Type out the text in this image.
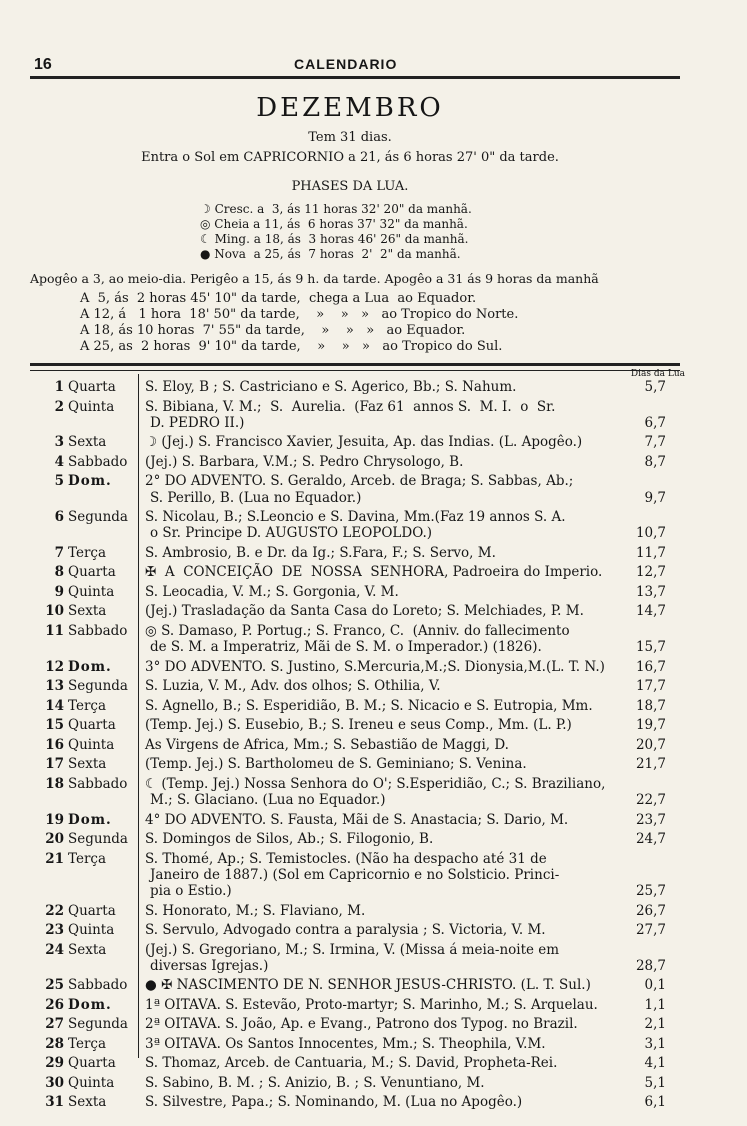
16	CALENDARIO
DEZEMBRO
Tem 31 dias.
Entra o Sol em CAPRICORNIO a 21, ás 6 horas 27' 0" da tarde.
PHASES DA LUA.
☽ Cresc. a  3, ás 11 horas 32' 20" da manhã.
◎ Cheia a 11, ás  6 horas 37' 32" da manhã.
☾ Ming. a 18, ás  3 horas 46' 26" da manhã.
● Nova  a 25, ás  7 horas  2'  2" da manhã.
Apogêo a 3, ao meio-dia. Perigêo a 15, ás 9 h. da tarde. Apogêo a 31 ás 9 horas da manhã
A  5, ás  2 horas 45' 10" da tarde,  chega a Lua  ao Equador.
A 12, á   1 hora  18' 50" da tarde,    »    »   »   ao Tropico do Norte.
A 18, ás 10 horas  7' 55" da tarde,    »    »   »   ao Equador.
A 25, as  2 horas  9' 10" da tarde,    »    »   »   ao Tropico do Sul.
Dias da Lua
1 Quarta S. Eloy, B ; S. Castriciano e S. Agerico, Bb.; S. Nahum.	5,7
2 Quinta S. Bibiana, V. M.;  S.  Aurelia.  (Faz 61  annos S.  M. I.  o  Sr.
D. PEDRO II.)	6,7
3 Sexta	☽ (Jej.) S. Francisco Xavier, Jesuita, Ap. das Indias. (L. Apogêo.)	7,7
4 Sabbado (Jej.) S. Barbara, V.M.; S. Pedro Chrysologo, B.	8,7
5 Dom. 2° DO ADVENTO. S. Geraldo, Arceb. de Braga; S. Sabbas, Ab.;
S. Perillo, B. (Lua no Equador.)	9,7
6 Segunda S. Nicolau, B.; S.Leoncio e S. Davina, Mm.(Faz 19 annos S. A.
o Sr. Principe D. AUGUSTO LEOPOLDO.)	10,7
7 Terça	S. Ambrosio, B. e Dr. da Ig.; S.Fara, F.; S. Servo, M.	11,7
8 Quarta ✠  A  CONCEIÇÃO  DE  NOSSA  SENHORA, Padroeira do Imperio.	12,7
9 Quinta S. Leocadia, V. M.; S. Gorgonia, V. M.	13,7
10 Sexta	(Jej.) Trasladação da Santa Casa do Loreto; S. Melchiades, P. M.	14,7
11 Sabbado ◎ S. Damaso, P. Portug.; S. Franco, C.  (Anniv. do fallecimento
de S. M. a Imperatriz, Mãi de S. M. o Imperador.) (1826).	15,7
12 Dom. 3° DO ADVENTO. S. Justino, S.Mercuria,M.;S. Dionysia,M.(L. T. N.)	16,7
13 Segunda S. Luzia, V. M., Adv. dos olhos; S. Othilia, V.	17,7
14 Terça	S. Agnello, B.; S. Esperidião, B. M.; S. Nicacio e S. Eutropia, Mm.	18,7
15 Quarta (Temp. Jej.) S. Eusebio, B.; S. Ireneu e seus Comp., Mm. (L. P.)	19,7
16 Quinta As Virgens de Africa, Mm.; S. Sebastião de Maggi, D.	20,7
17 Sexta	(Temp. Jej.) S. Bartholomeu de S. Geminiano; S. Venina.	21,7
18 Sabbado ☾ (Temp. Jej.) Nossa Senhora do O'; S.Esperidião, C.; S. Braziliano,
M.; S. Glaciano. (Lua no Equador.)	22,7
19 Dom. 4° DO ADVENTO. S. Fausta, Mãi de S. Anastacia; S. Dario, M.	23,7
20 Segunda S. Domingos de Silos, Ab.; S. Filogonio, B.	24,7
21 Terça	S. Thomé, Ap.; S. Temistocles. (Não ha despacho até 31 de
Janeiro de 1887.) (Sol em Capricornio e no Solsticio. Princi-
pia o Estio.)	25,7
22 Quarta S. Honorato, M.; S. Flaviano, M.	26,7
23 Quinta S. Servulo, Advogado contra a paralysia ; S. Victoria, V. M.	27,7
24 Sexta	(Jej.) S. Gregoriano, M.; S. Irmina, V. (Missa á meia-noite em
diversas Igrejas.)	28,7
25 Sabbado ● ✠ NASCIMENTO DE N. SENHOR JESUS-CHRISTO. (L. T. Sul.)	0,1
26 Dom. 1ª OITAVA. S. Estevão, Proto-martyr; S. Marinho, M.; S. Arquelau.	1,1
27 Segunda 2ª OITAVA. S. João, Ap. e Evang., Patrono dos Typog. no Brazil.	2,1
28 Terça	3ª OITAVA. Os Santos Innocentes, Mm.; S. Theophila, V.M.	3,1
29 Quarta S. Thomaz, Arceb. de Cantuaria, M.; S. David, Propheta-Rei.	4,1
30 Quinta S. Sabino, B. M. ; S. Anizio, B. ; S. Venuntiano, M.	5,1
31 Sexta	S. Silvestre, Papa.; S. Nominando, M. (Lua no Apogêo.)	6,1
